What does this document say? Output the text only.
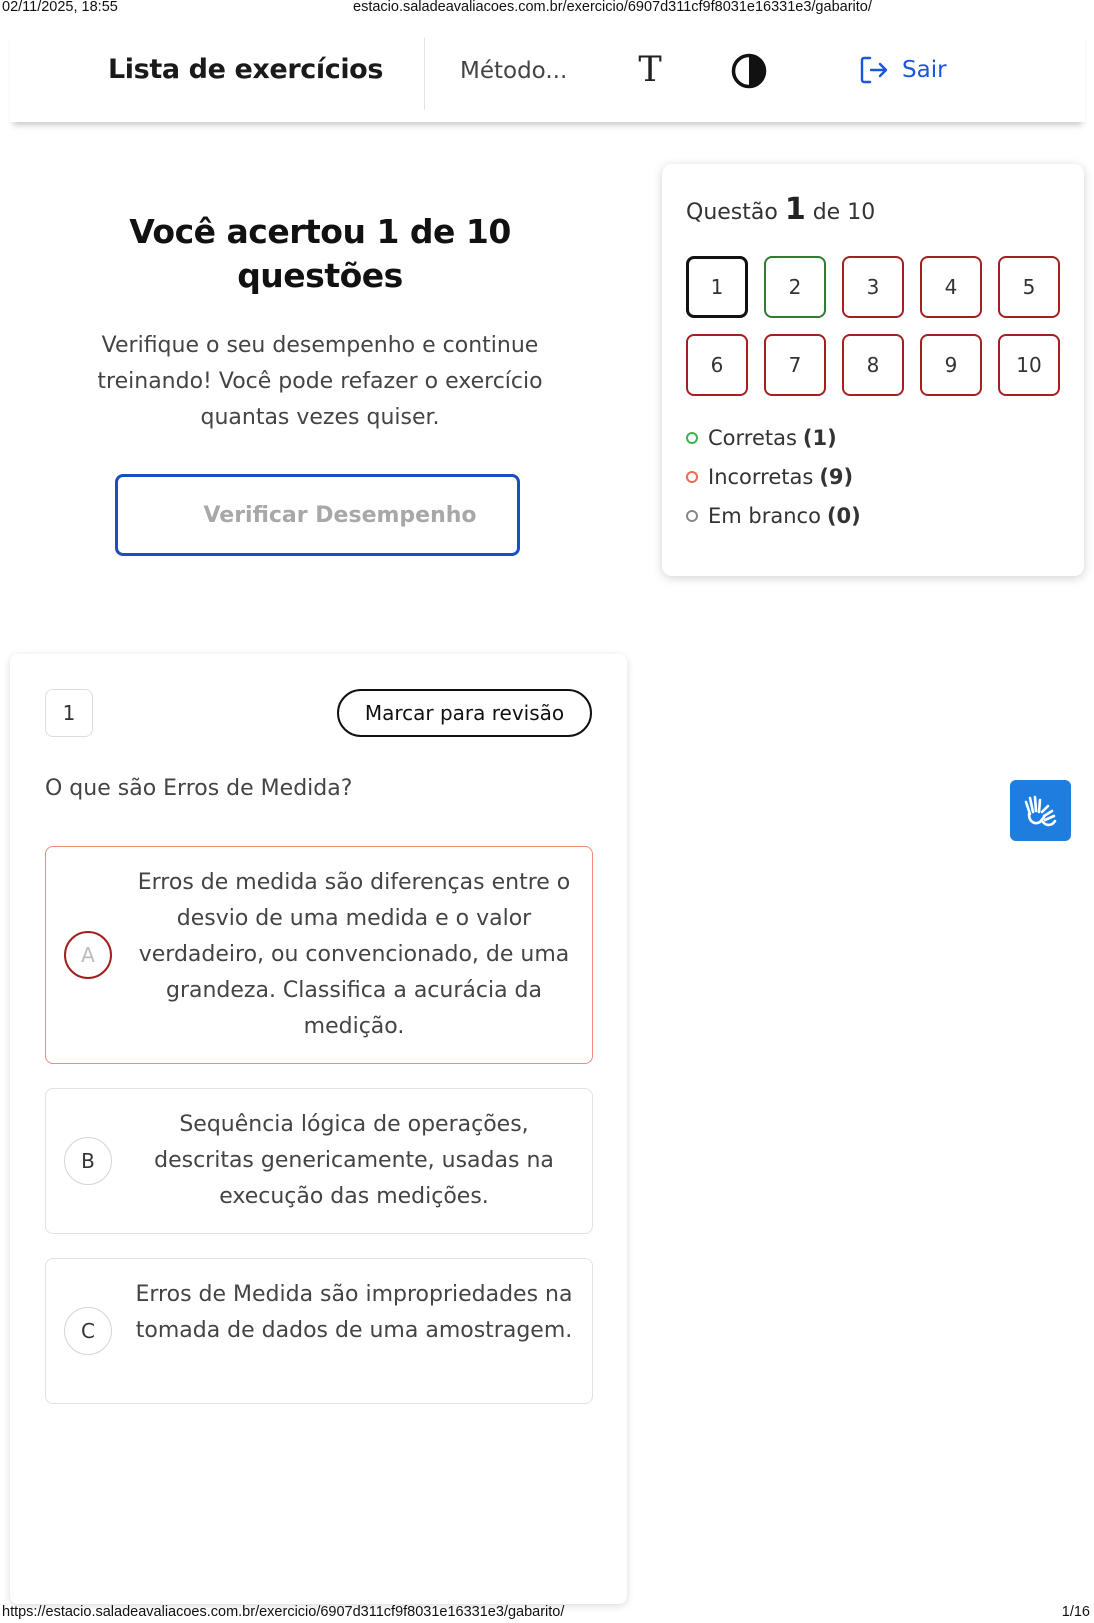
02/11/2025, 18:55	estacio.saladeavaliacoes.com.br/exercicio/6907d311cf9f8031e16331e3/gabarito/
Lista de exercícios	Método... T	Sair
Você acertou 1 de 10 questões

Verifique o seu desempenho e continue treinando! Você pode refazer o exercício quantas vezes quiser.

Verificar Desempenho
Questão 1 de 10
1	2	3	4	5
6	7	8	9	10
Corretas (1)
Incorretas (9)
Em branco (0)
1	Marcar para revisão
O que são Erros de Medida?
A
Erros de medida são diferenças entre o desvio de uma medida e o valor verdadeiro, ou convencionado, de uma grandeza. Classifica a acurácia da medição.
B
Sequência lógica de operações, descritas genericamente, usadas na execução das medições.
C
Erros de Medida são impropriedades na tomada de dados de uma amostragem.
https://estacio.saladeavaliacoes.com.br/exercicio/6907d311cf9f8031e16331e3/gabarito/	1/16
